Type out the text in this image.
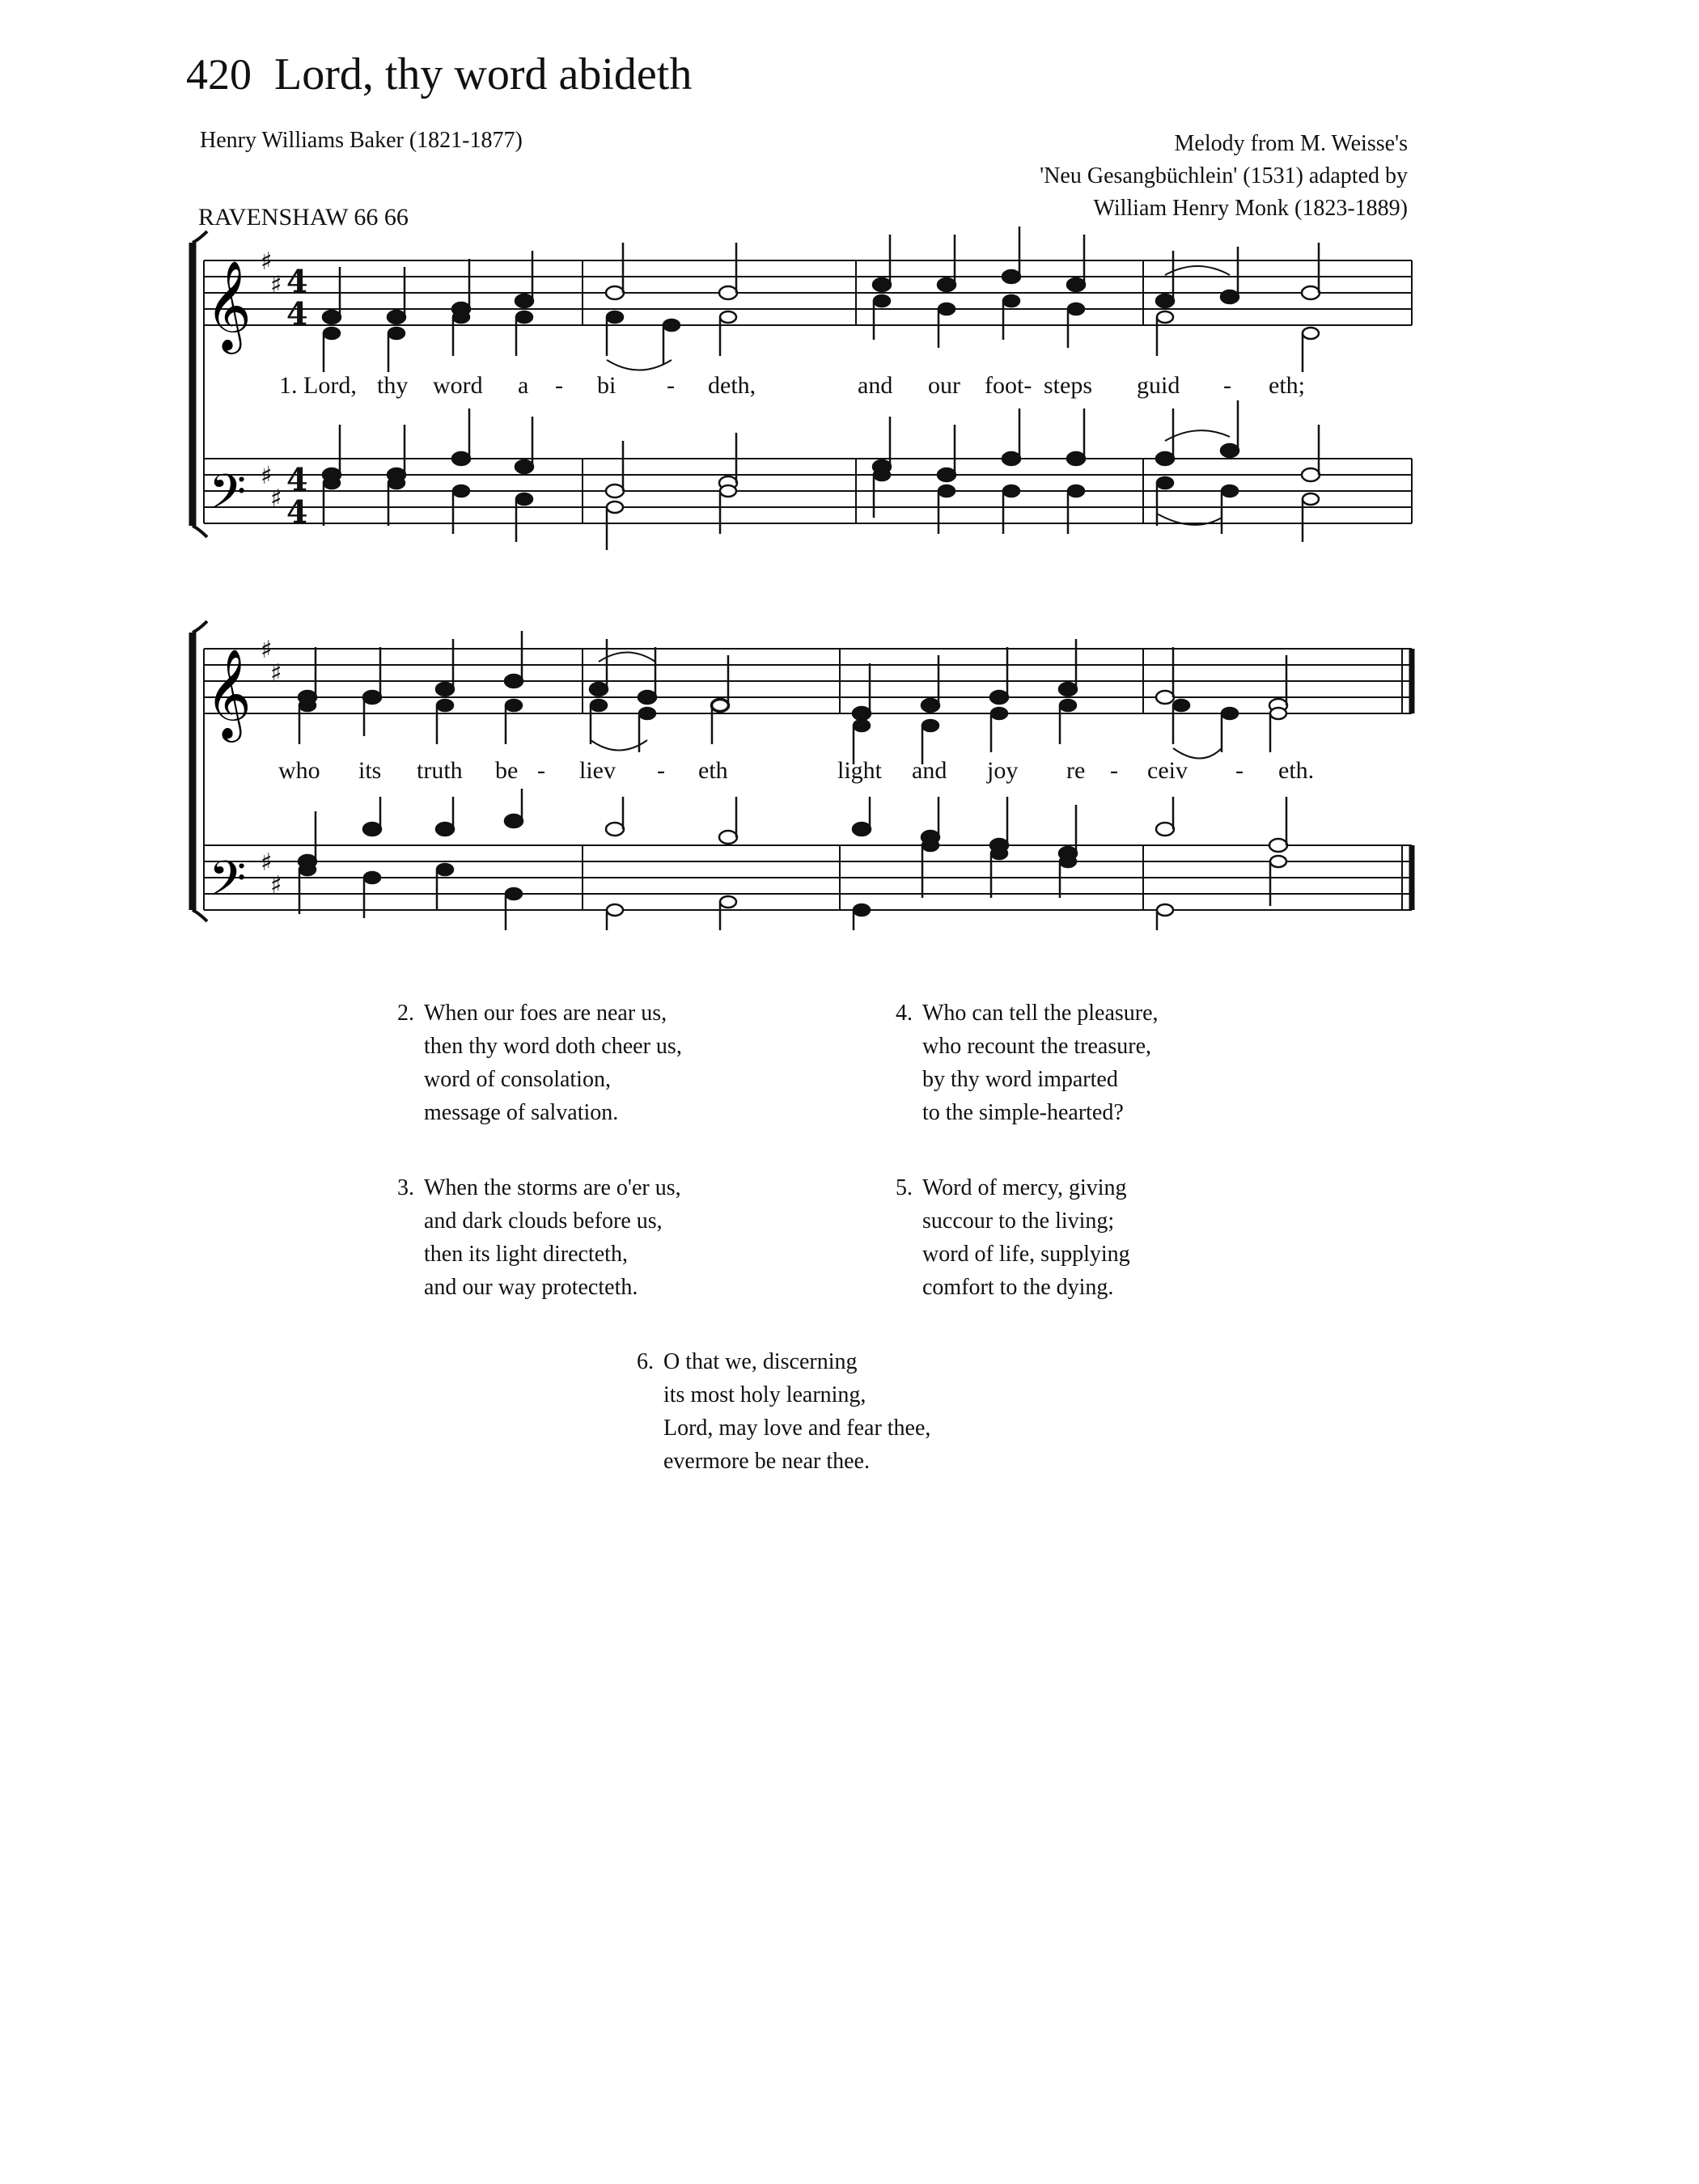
420 Lord, thy word abideth
Henry Williams Baker (1821-1877)
RAVENSHAW 66 66
Melody from M. Weisse's
'Neu Gesangbüchlein' (1531) adapted by
William Henry Monk (1823-1889)
𝄞
𝄢
♯
♯
♯
♯
4
4
4
4
𝄞
𝄢
♯
♯
♯
♯
1. Lord, thy word a - bi - deth,	and our foot- steps guid - eth;
who its truth be - liev - eth	light and joy re - ceiv - eth.
2. When our foes are near us,
then thy word doth cheer us,
word of consolation,
message of salvation.
3. When the storms are o'er us,
and dark clouds before us,
then its light directeth,
and our way protecteth.
4. Who can tell the pleasure,
who recount the treasure,
by thy word imparted
to the simple-hearted?
5. Word of mercy, giving
succour to the living;
word of life, supplying
comfort to the dying.
6. O that we, discerning
its most holy learning,
Lord, may love and fear thee,
evermore be near thee.
